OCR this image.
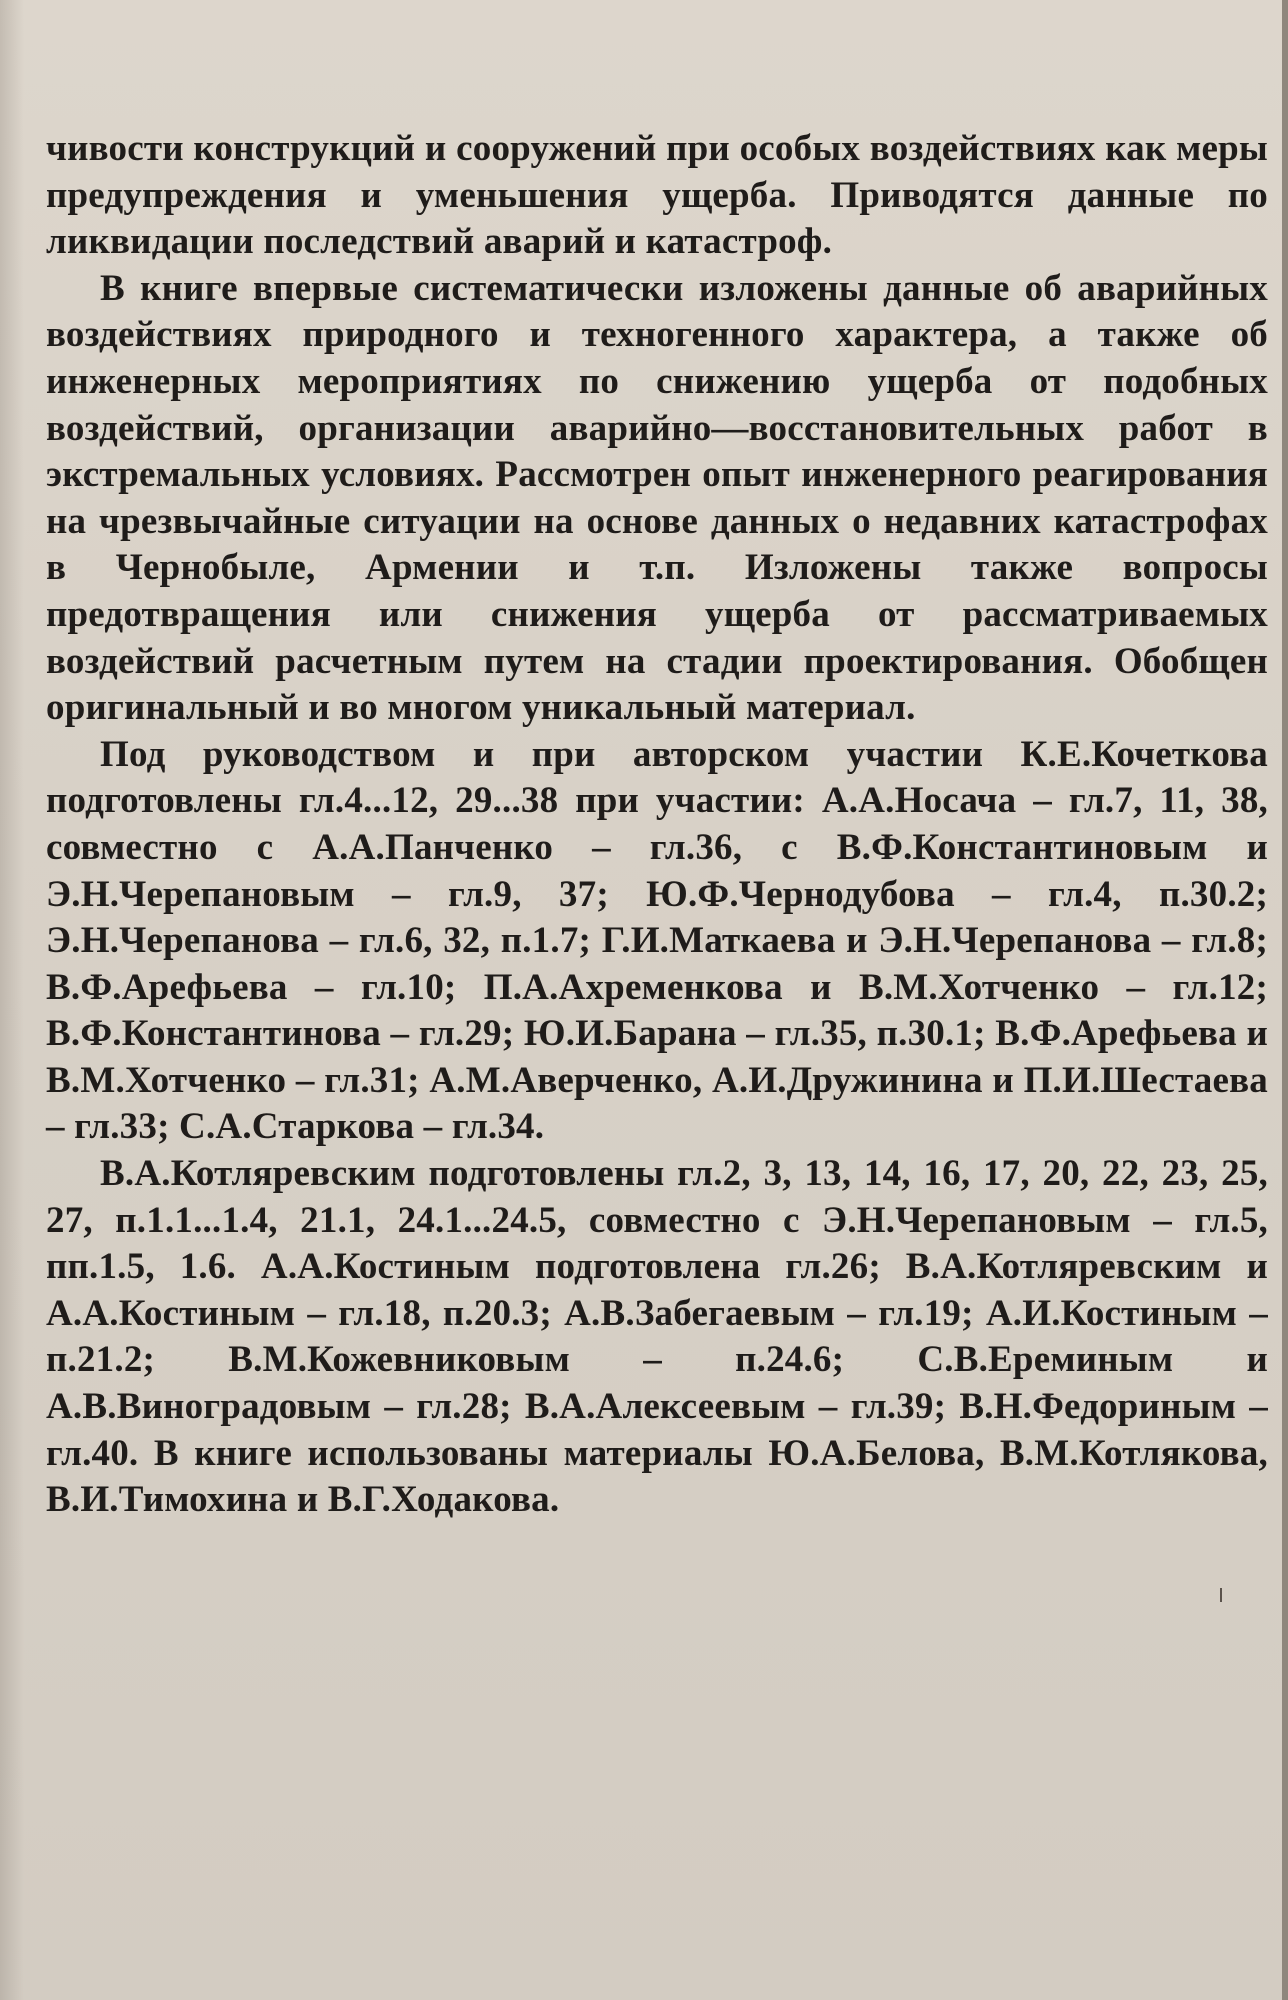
чивости конструкций и сооружений при особых воздействиях как меры предупреждения и уменьшения ущерба. Приводятся данные по ликвидации последствий аварий и катастроф.

В книге впервые систематически изложены данные об аварийных воздействиях природного и техногенного характера, а также об инженерных мероприятиях по снижению ущерба от подобных воздействий, организации аварийно—восстановительных работ в экстремальных условиях. Рассмотрен опыт инженерного реагирования на чрезвычайные ситуации на основе данных о недавних катастрофах в Чернобыле, Армении и т.п. Изложены также вопросы предотвращения или снижения ущерба от рассматриваемых воздействий расчетным путем на стадии проектирования. Обобщен оригинальный и во многом уникальный материал.

Под руководством и при авторском участии К.Е.Кочеткова подготовлены гл.4...12, 29...38 при участии: А.А.Носача – гл.7, 11, 38, совместно с А.А.Панченко – гл.36, с В.Ф.Константиновым и Э.Н.Черепановым – гл.9, 37; Ю.Ф.Чернодубова – гл.4, п.30.2; Э.Н.Черепанова – гл.6, 32, п.1.7; Г.И.Маткаева и Э.Н.Черепанова – гл.8; В.Ф.Арефьева – гл.10; П.А.Ахременкова и В.М.Хотченко – гл.12; В.Ф.Константинова – гл.29; Ю.И.Барана – гл.35, п.30.1; В.Ф.Арефьева и В.М.Хотченко – гл.31; А.М.Аверченко, А.И.Дружинина и П.И.Шестаева – гл.33; С.А.Старкова – гл.34.

В.А.Котляревским подготовлены гл.2, 3, 13, 14, 16, 17, 20, 22, 23, 25, 27, п.1.1...1.4, 21.1, 24.1...24.5, совместно с Э.Н.Черепановым – гл.5, пп.1.5, 1.6. А.А.Костиным подготовлена гл.26; В.А.Котляревским и А.А.Костиным – гл.18, п.20.3; А.В.Забегаевым – гл.19; А.И.Костиным – п.21.2; В.М.Кожевниковым – п.24.6; С.В.Ереминым и А.В.Виноградовым – гл.28; В.А.Алексеевым – гл.39; В.Н.Федориным – гл.40. В книге использованы материалы Ю.А.Белова, В.М.Котлякова, В.И.Тимохина и В.Г.Ходакова.
